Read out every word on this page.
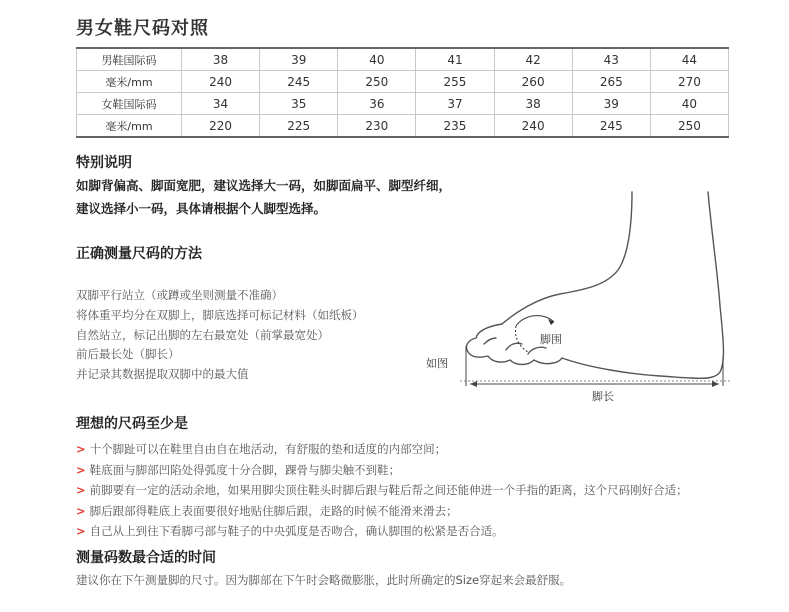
男女鞋尺码对照
男鞋国际码	38	39	40	41	42	43	44
毫米/mm	240	245	250	255	260	265	270
女鞋国际码	34	35	36	37	38	39	40
毫米/mm	220	225	230	235	240	245	250
特别说明

如脚背偏高、脚面宽肥，建议选择大一码，如脚面扁平、脚型纤细，

建议选择小一码，具体请根据个人脚型选择。

正确测量尺码的方法
双脚平行站立（或蹲或坐则测量不准确）
将体重平均分在双脚上，脚底选择可标记材料（如纸板）
自然站立，标记出脚的左右最宽处（前掌最宽处）
前后最长处（脚长）
并记录其数据提取双脚中的最大值
脚围
如图
脚长
理想的尺码至少是
> 十个脚趾可以在鞋里自由自在地活动，有舒服的垫和适度的内部空间；
> 鞋底面与脚部凹陷处得弧度十分合脚，踝骨与脚尖触不到鞋；
> 前脚要有一定的活动余地，如果用脚尖顶住鞋头时脚后跟与鞋后帮之间还能伸进一个手指的距离，这个尺码刚好合适；
> 脚后跟部得鞋底上表面要很好地贴住脚后跟，走路的时候不能滑来滑去；
> 自己从上到往下看脚弓部与鞋子的中央弧度是否吻合，确认脚围的松紧是否合适。
测量码数最合适的时间

建议你在下午测量脚的尺寸。因为脚部在下午时会略微膨胀，此时所确定的Size穿起来会最舒服。
